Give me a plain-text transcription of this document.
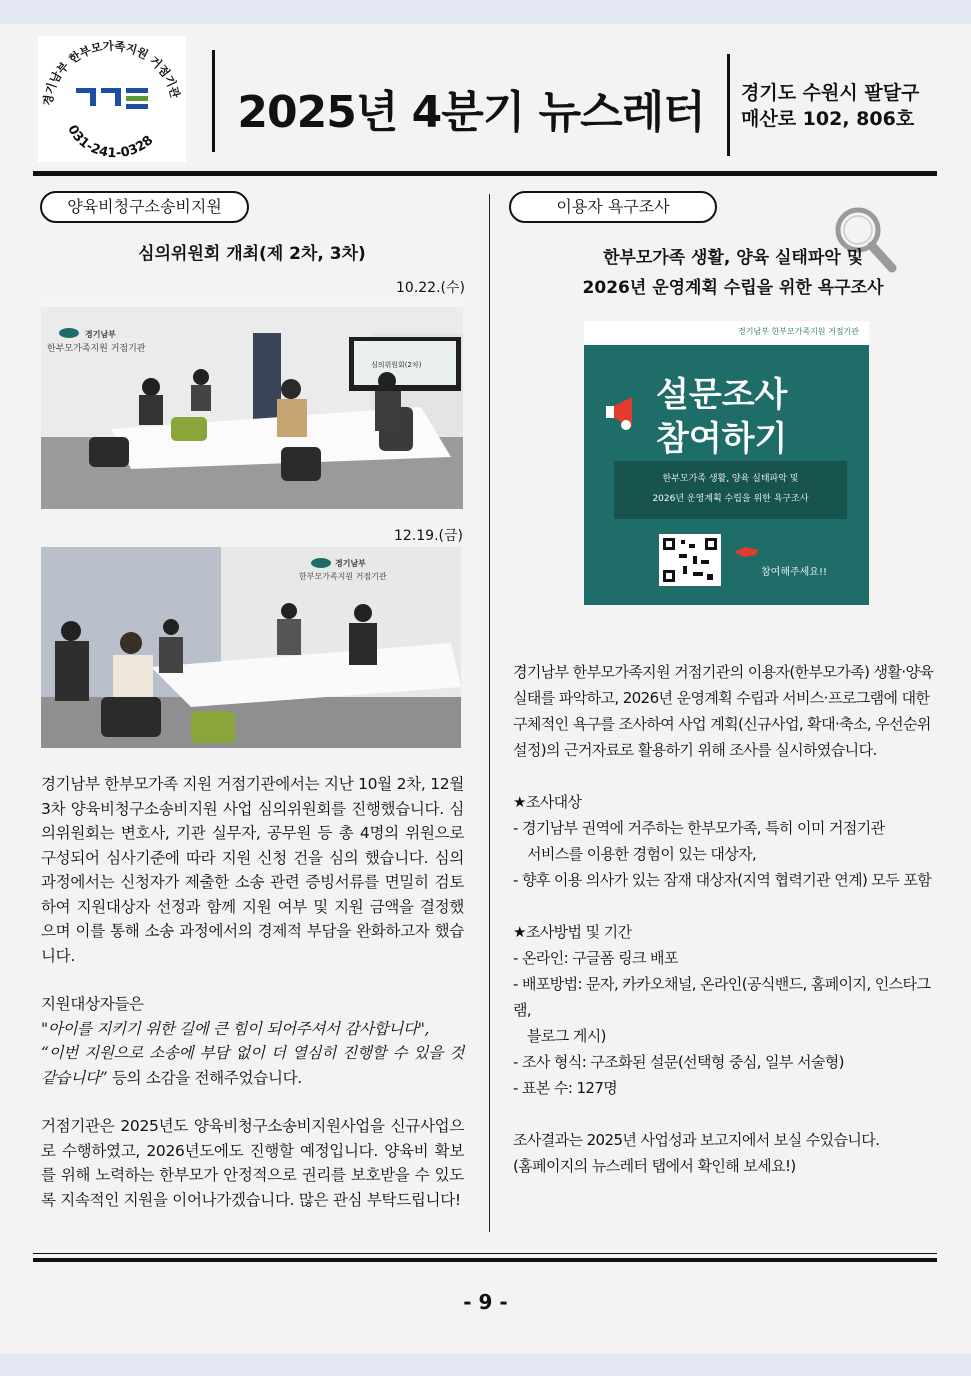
경기남부 한부모가족지원 거점기관
031-241-0328
2025년 4분기 뉴스레터	경기도 수원시 팔달구
매산로 102, 806호
양육비청구소송비지원
심의위원회 개최(제 2차, 3차)
10.22.(수)
심의위원회(2차)
경기남부
한부모가족지원 거점기관
12.19.(금)
경기남부
한부모가족지원 거점기관

경기남부 한부모가족 지원 거점기관에서는 지난 10월 2차, 12월 3차 양육비청구소송비지원 사업 심의위원회를 진행했습니다. 심의위원회는 변호사, 기관 실무자, 공무원 등 총 4명의 위원으로 구성되어 심사기준에 따라 지원 신청 건을 심의 했습니다. 심의과정에서는 신청자가 제출한 소송 관련 증빙서류를 면밀히 검토하여 지원대상자 선정과 함께 지원 여부 및 지원 금액을 결정했으며 이를 통해 소송 과정에서의 경제적 부담을 완화하고자 했습니다.

지원대상자들은
"아이를 지키기 위한 길에 큰 힘이 되어주셔서 감사합니다",
“이번 지원으로 소송에 부담 없이 더 열심히 진행할 수 있을 것 같습니다” 등의 소감을 전해주었습니다.

거점기관은 2025년도 양육비청구소송비지원사업을 신규사업으로 수행하였고, 2026년도에도 진행할 예정입니다. 양육비 확보를 위해 노력하는 한부모가 안정적으로 권리를 보호받을 수 있도록 지속적인 지원을 이어나가겠습니다. 많은 관심 부탁드립니다!

이용자 욕구조사
한부모가족 생활, 양육 실태파악 및
2026년 운영계획 수립을 위한 욕구조사
경기남부 한부모가족지원 거점기관
설문조사
참여하기
한부모가족 생활, 양육 실태파악 및
2026년 운영계획 수립을 위한 욕구조사
참여해주세요!!

경기남부 한부모가족지원 거점기관의 이용자(한부모가족) 생활·양육 실태를 파악하고, 2026년 운영계획 수립과 서비스·프로그램에 대한 구체적인 욕구를 조사하여 사업 계획(신규사업, 확대·축소, 우선순위 설정)의 근거자료로 활용하기 위해 조사를 실시하였습니다.

★조사대상

- 경기남부 권역에 거주하는 한부모가족, 특히 이미 거점기관

서비스를 이용한 경험이 있는 대상자,

- 향후 이용 의사가 있는 잠재 대상자(지역 협력기관 연계) 모두 포함

★조사방법 및 기간

- 온라인: 구글폼 링크 배포

- 배포방법: 문자, 카카오채널, 온라인(공식밴드, 홈페이지, 인스타그램,

블로그 게시)

- 조사 형식: 구조화된 설문(선택형 중심, 일부 서술형)

- 표본 수: 127명

조사결과는 2025년 사업성과 보고지에서 보실 수있습니다.

(홈페이지의 뉴스레터 탭에서 확인해 보세요!)

- 9 -
